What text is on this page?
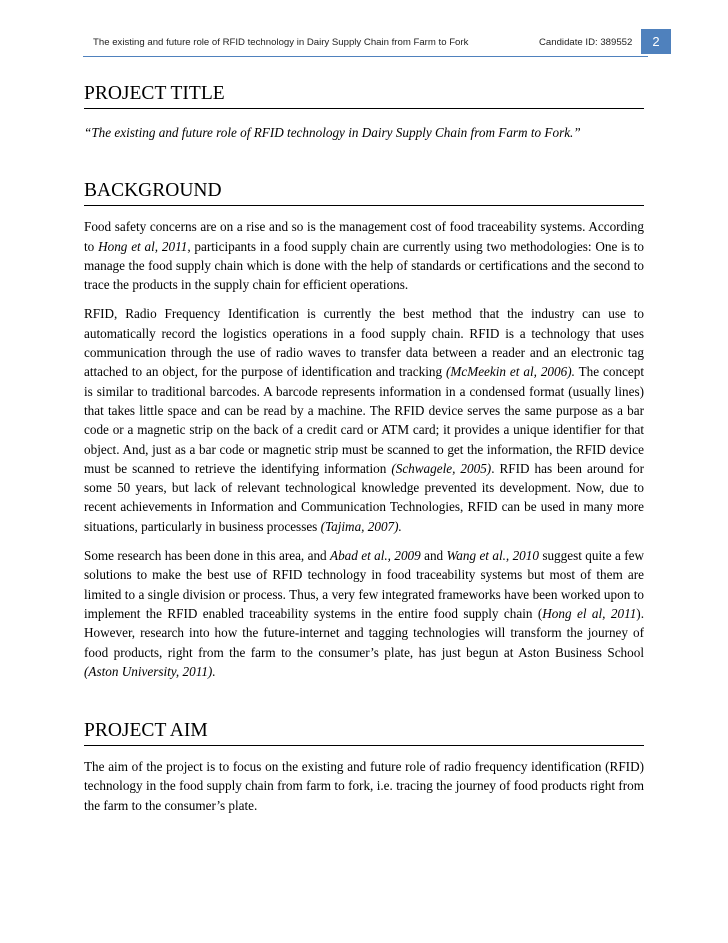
The existing and future role of RFID technology in Dairy Supply Chain from Farm to Fork	Candidate ID: 389552	2
PROJECT TITLE

“The existing and future role of RFID technology in Dairy Supply Chain from Farm to Fork.”

BACKGROUND

Food safety concerns are on a rise and so is the management cost of food traceability systems. According to Hong et al, 2011, participants in a food supply chain are currently using two methodologies: One is to manage the food supply chain which is done with the help of standards or certifications and the second to trace the products in the supply chain for efficient operations.

RFID, Radio Frequency Identification is currently the best method that the industry can use to automatically record the logistics operations in a food supply chain. RFID is a technology that uses communication through the use of radio waves to transfer data between a reader and an electronic tag attached to an object, for the purpose of identification and tracking (McMeekin et al, 2006). The concept is similar to traditional barcodes. A barcode represents information in a condensed format (usually lines) that takes little space and can be read by a machine. The RFID device serves the same purpose as a bar code or a magnetic strip on the back of a credit card or ATM card; it provides a unique identifier for that object. And, just as a bar code or magnetic strip must be scanned to get the information, the RFID device must be scanned to retrieve the identifying information (Schwagele, 2005). RFID has been around for some 50 years, but lack of relevant technological knowledge prevented its development. Now, due to recent achievements in Information and Communication Technologies, RFID can be used in many more situations, particularly in business processes (Tajima, 2007).

Some research has been done in this area, and Abad et al., 2009 and Wang et al., 2010 suggest quite a few solutions to make the best use of RFID technology in food traceability systems but most of them are limited to a single division or process. Thus, a very few integrated frameworks have been worked upon to implement the RFID enabled traceability systems in the entire food supply chain (Hong el al, 2011). However, research into how the future-internet and tagging technologies will transform the journey of food products, right from the farm to the consumer’s plate, has just begun at Aston Business School (Aston University, 2011).

PROJECT AIM

The aim of the project is to focus on the existing and future role of radio frequency identification (RFID) technology in the food supply chain from farm to fork, i.e. tracing the journey of food products right from the farm to the consumer’s plate.
